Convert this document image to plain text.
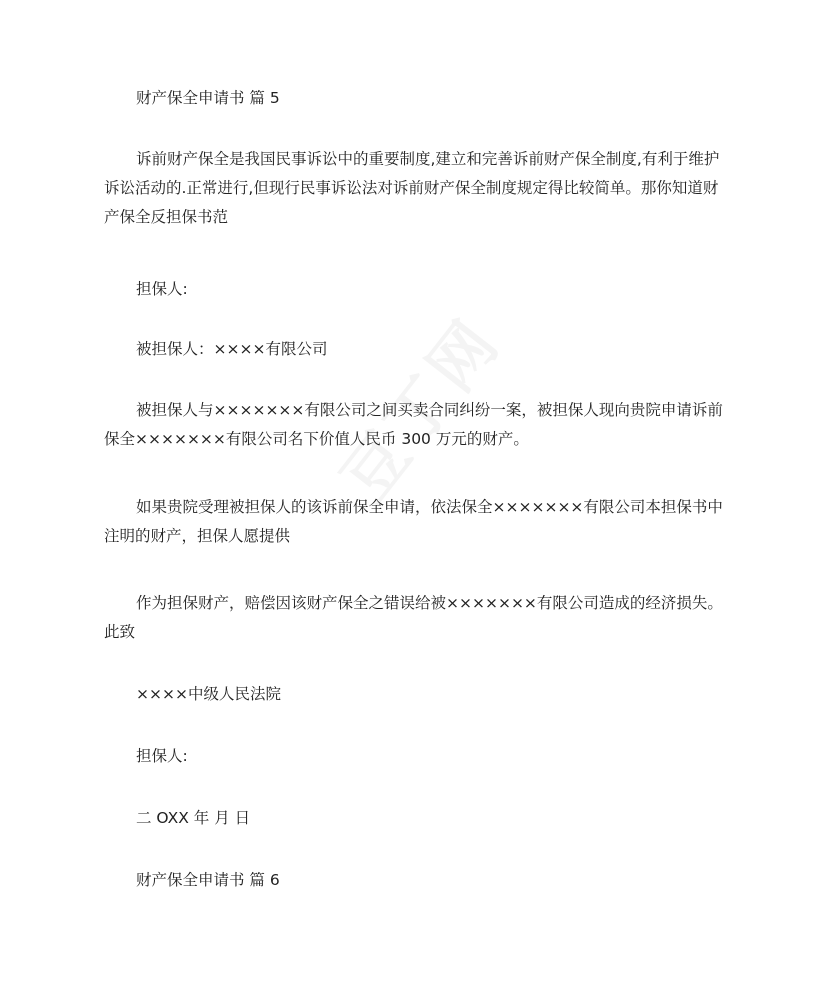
财产保全申请书 篇 5
诉前财产保全是我国民事诉讼中的重要制度,建立和完善诉前财产保全制度,有利于维护诉讼活动的.正常进行,但现行民事诉讼法对诉前财产保全制度规定得比较简单。那你知道财产保全反担保书范
担保人:
被担保人：××××有限公司
被担保人与×××××××有限公司之间买卖合同纠纷一案，被担保人现向贵院申请诉前保全×××××××有限公司名下价值人民币 300 万元的财产。
如果贵院受理被担保人的该诉前保全申请，依法保全×××××××有限公司本担保书中注明的财产，担保人愿提供
作为担保财产，赔偿因该财产保全之错误给被×××××××有限公司造成的经济损失。 此致
××××中级人民法院
担保人:
二 OXX 年 月 日
财产保全申请书 篇 6
